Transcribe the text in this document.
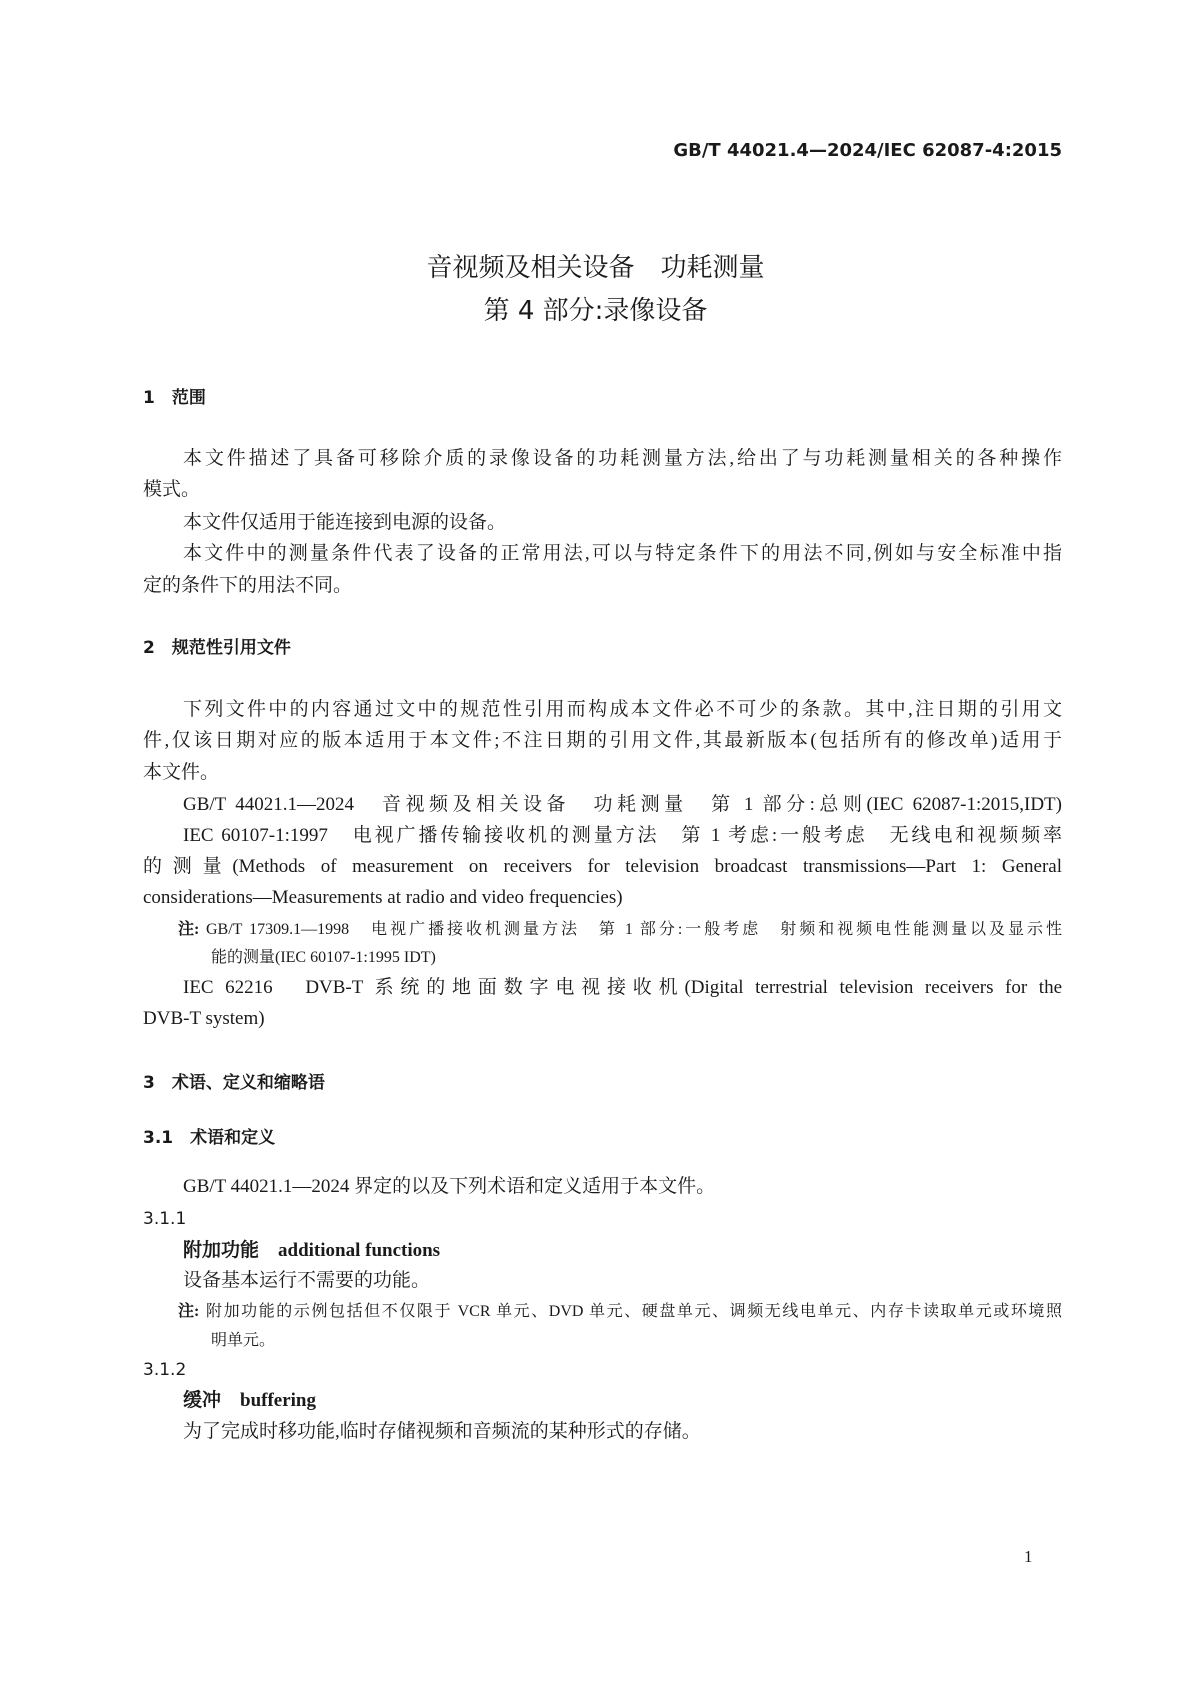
GB/T 44021.4—2024/IEC 62087-4:2015
音视频及相关设备　功耗测量
第 4 部分:录像设备
1　范围
本文件描述了具备可移除介质的录像设备的功耗测量方法,给出了与功耗测量相关的各种操作
模式。
本文件仅适用于能连接到电源的设备。
本文件中的测量条件代表了设备的正常用法,可以与特定条件下的用法不同,例如与安全标准中指
定的条件下的用法不同。
2　规范性引用文件
下列文件中的内容通过文中的规范性引用而构成本文件必不可少的条款。其中,注日期的引用文
件,仅该日期对应的版本适用于本文件;不注日期的引用文件,其最新版本(包括所有的修改单)适用于
本文件。
GB/T 44021.1—2024　音视频及相关设备　功耗测量　第 1 部分:总则(IEC 62087-1:2015,IDT)
IEC 60107-1:1997　电视广播传输接收机的测量方法　第 1 考虑:一般考虑　无线电和视频频率
的测量(Methods of measurement on receivers for television broadcast transmissions—Part 1: General
considerations—Measurements at radio and video frequencies)
注: GB/T 17309.1—1998　电视广播接收机测量方法　第 1 部分:一般考虑　射频和视频电性能测量以及显示性
能的测量(IEC 60107-1:1995 IDT)
IEC 62216　DVB-T 系统的地面数字电视接收机(Digital terrestrial television receivers for the
DVB-T system)
3　术语、定义和缩略语
3.1　术语和定义
GB/T 44021.1—2024 界定的以及下列术语和定义适用于本文件。
3.1.1
附加功能　additional functions
设备基本运行不需要的功能。
注: 附加功能的示例包括但不仅限于 VCR 单元、DVD 单元、硬盘单元、调频无线电单元、内存卡读取单元或环境照
明单元。
3.1.2
缓冲　buffering
为了完成时移功能,临时存储视频和音频流的某种形式的存储。
1
